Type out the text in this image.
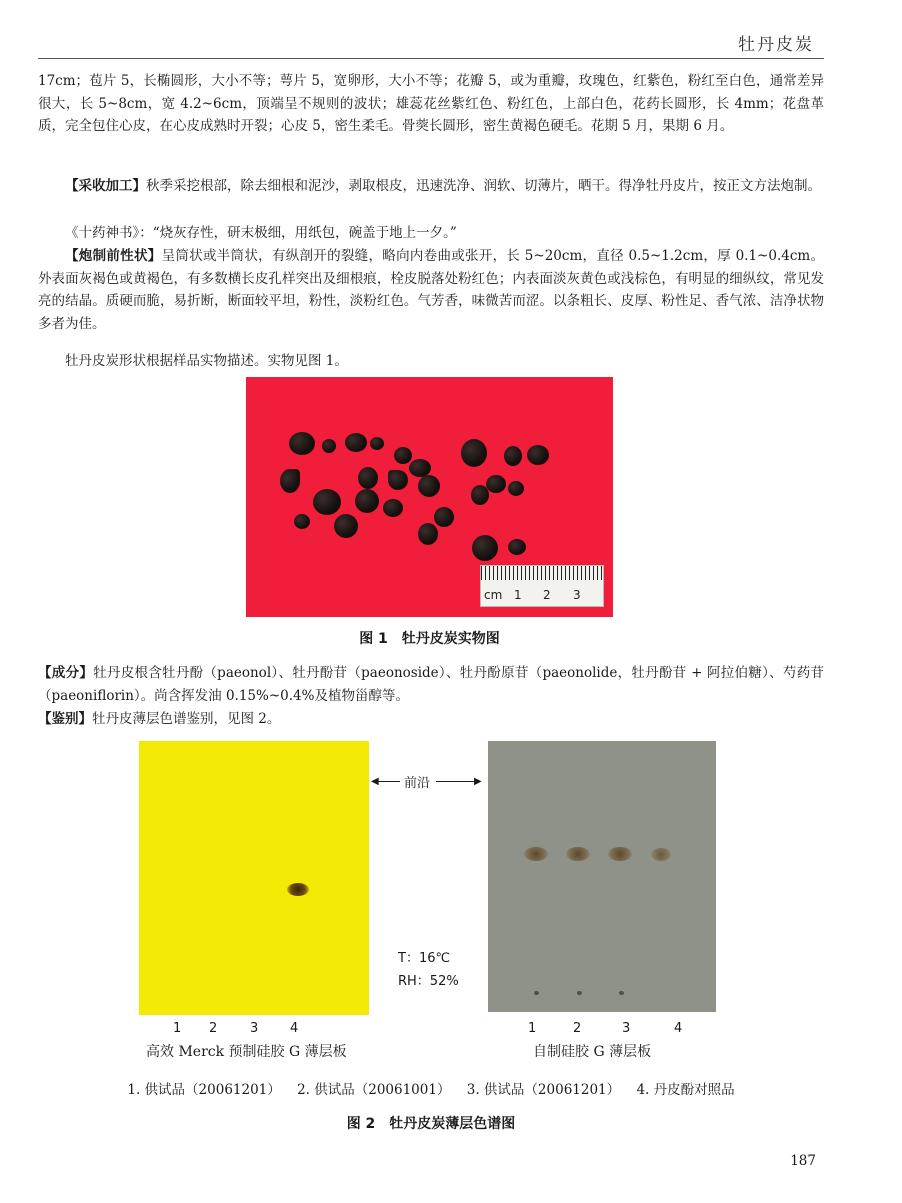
牡丹皮炭
17cm；苞片 5，长椭圆形，大小不等；萼片 5，宽卵形，大小不等；花瓣 5，或为重瓣，玫瑰色，红紫色，粉红至白色，通常差异很大，长 5~8cm，宽 4.2~6cm，顶端呈不规则的波状；雄蕊花丝紫红色、粉红色，上部白色，花药长圆形，长 4mm；花盘革质，完全包住心皮，在心皮成熟时开裂；心皮 5，密生柔毛。骨葖长圆形，密生黄褐色硬毛。花期 5 月，果期 6 月。
【采收加工】秋季采挖根部，除去细根和泥沙，剥取根皮，迅速洗净、润软、切薄片，晒干。得净牡丹皮片，按正文方法炮制。
《十药神书》：“烧灰存性，研末极细，用纸包，碗盖于地上一夕。”
【炮制前性状】呈筒状或半筒状，有纵剖开的裂缝，略向内卷曲或张开，长 5~20cm，直径 0.5~1.2cm，厚 0.1~0.4cm。外表面灰褐色或黄褐色，有多数横长皮孔样突出及细根痕，栓皮脱落处粉红色；内表面淡灰黄色或浅棕色，有明显的细纵纹，常见发亮的结晶。质硬而脆，易折断，断面较平坦，粉性，淡粉红色。气芳香，味微苦而涩。以条粗长、皮厚、粉性足、香气浓、洁净状物多者为佳。
牡丹皮炭形状根据样品实物描述。实物见图 1。
cm 1 2 3
图 1　牡丹皮炭实物图
【成分】牡丹皮根含牡丹酚（paeonol）、牡丹酚苷（paeonoside）、牡丹酚原苷（paeonolide，牡丹酚苷 + 阿拉伯糖）、芍药苷（paeoniflorin）。尚含挥发油 0.15%~0.4%及植物甾醇等。
【鉴别】牡丹皮薄层色谱鉴别，见图 2。
◀ 前沿	▶
T：16℃
RH：52%
1 2	3 4	1	2	3	4
高效 Merck 预制硅胶 G 薄层板	自制硅胶 G 薄层板
1. 供试品（20061201） 2. 供试品（20061001） 3. 供试品（20061201） 4. 丹皮酚对照品
图 2　牡丹皮炭薄层色谱图
187
